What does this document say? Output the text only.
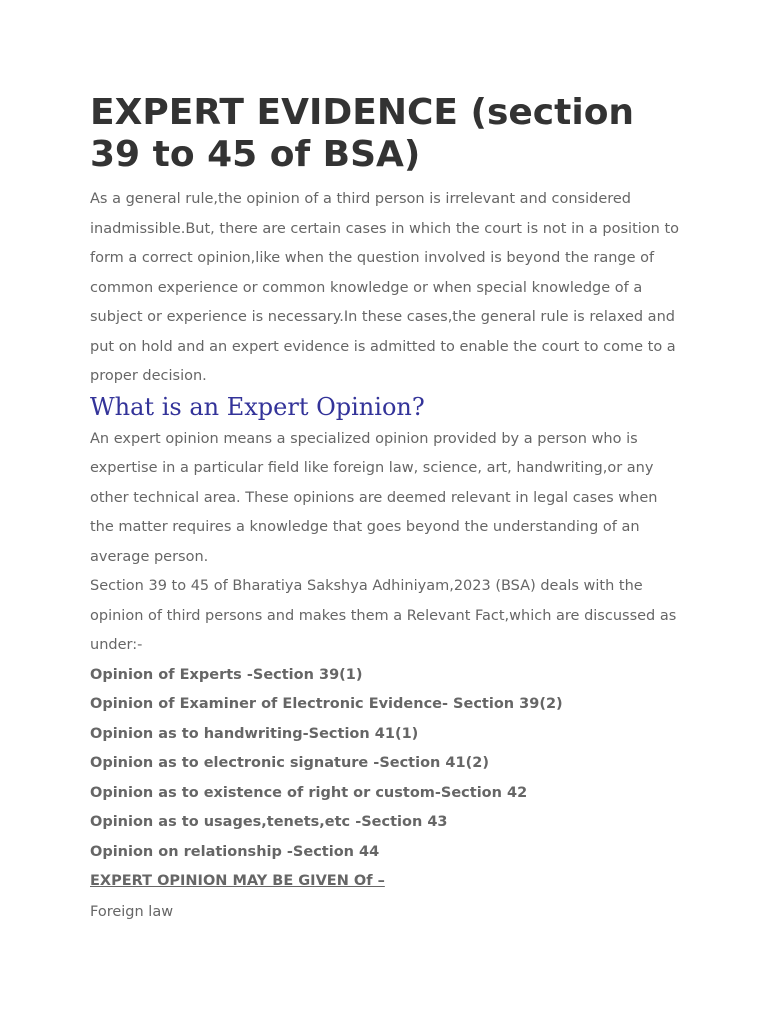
EXPERT EVIDENCE (section 39 to 45 of BSA)

As a general rule,the opinion of a third person is irrelevant and considered inadmissible.But, there are certain cases in which the court is not in a position to form a correct opinion,like when the question involved is beyond the range of common experience or common knowledge or when special knowledge of a subject or experience is necessary.In these cases,the general rule is relaxed and put on hold and an expert evidence is admitted to enable the court to come to a proper decision.

What is an Expert Opinion?

An expert opinion means a specialized opinion provided by a person who is expertise in a particular field like foreign law, science, art, handwriting,or any other technical area. These opinions are deemed relevant in legal cases when the matter requires a knowledge that goes beyond the understanding of an average person.

Section 39 to 45 of Bharatiya Sakshya Adhiniyam,2023 (BSA) deals with the opinion of third persons and makes them a Relevant Fact,which are discussed as under:-

Opinion of Experts -Section 39(1)

Opinion of Examiner of Electronic Evidence- Section 39(2)

Opinion as to handwriting-Section 41(1)

Opinion as to electronic signature -Section 41(2)

Opinion as to existence of right or custom-Section 42

Opinion as to usages,tenets,etc -Section 43

Opinion on relationship -Section 44

EXPERT OPINION MAY BE GIVEN Of –

Foreign law
